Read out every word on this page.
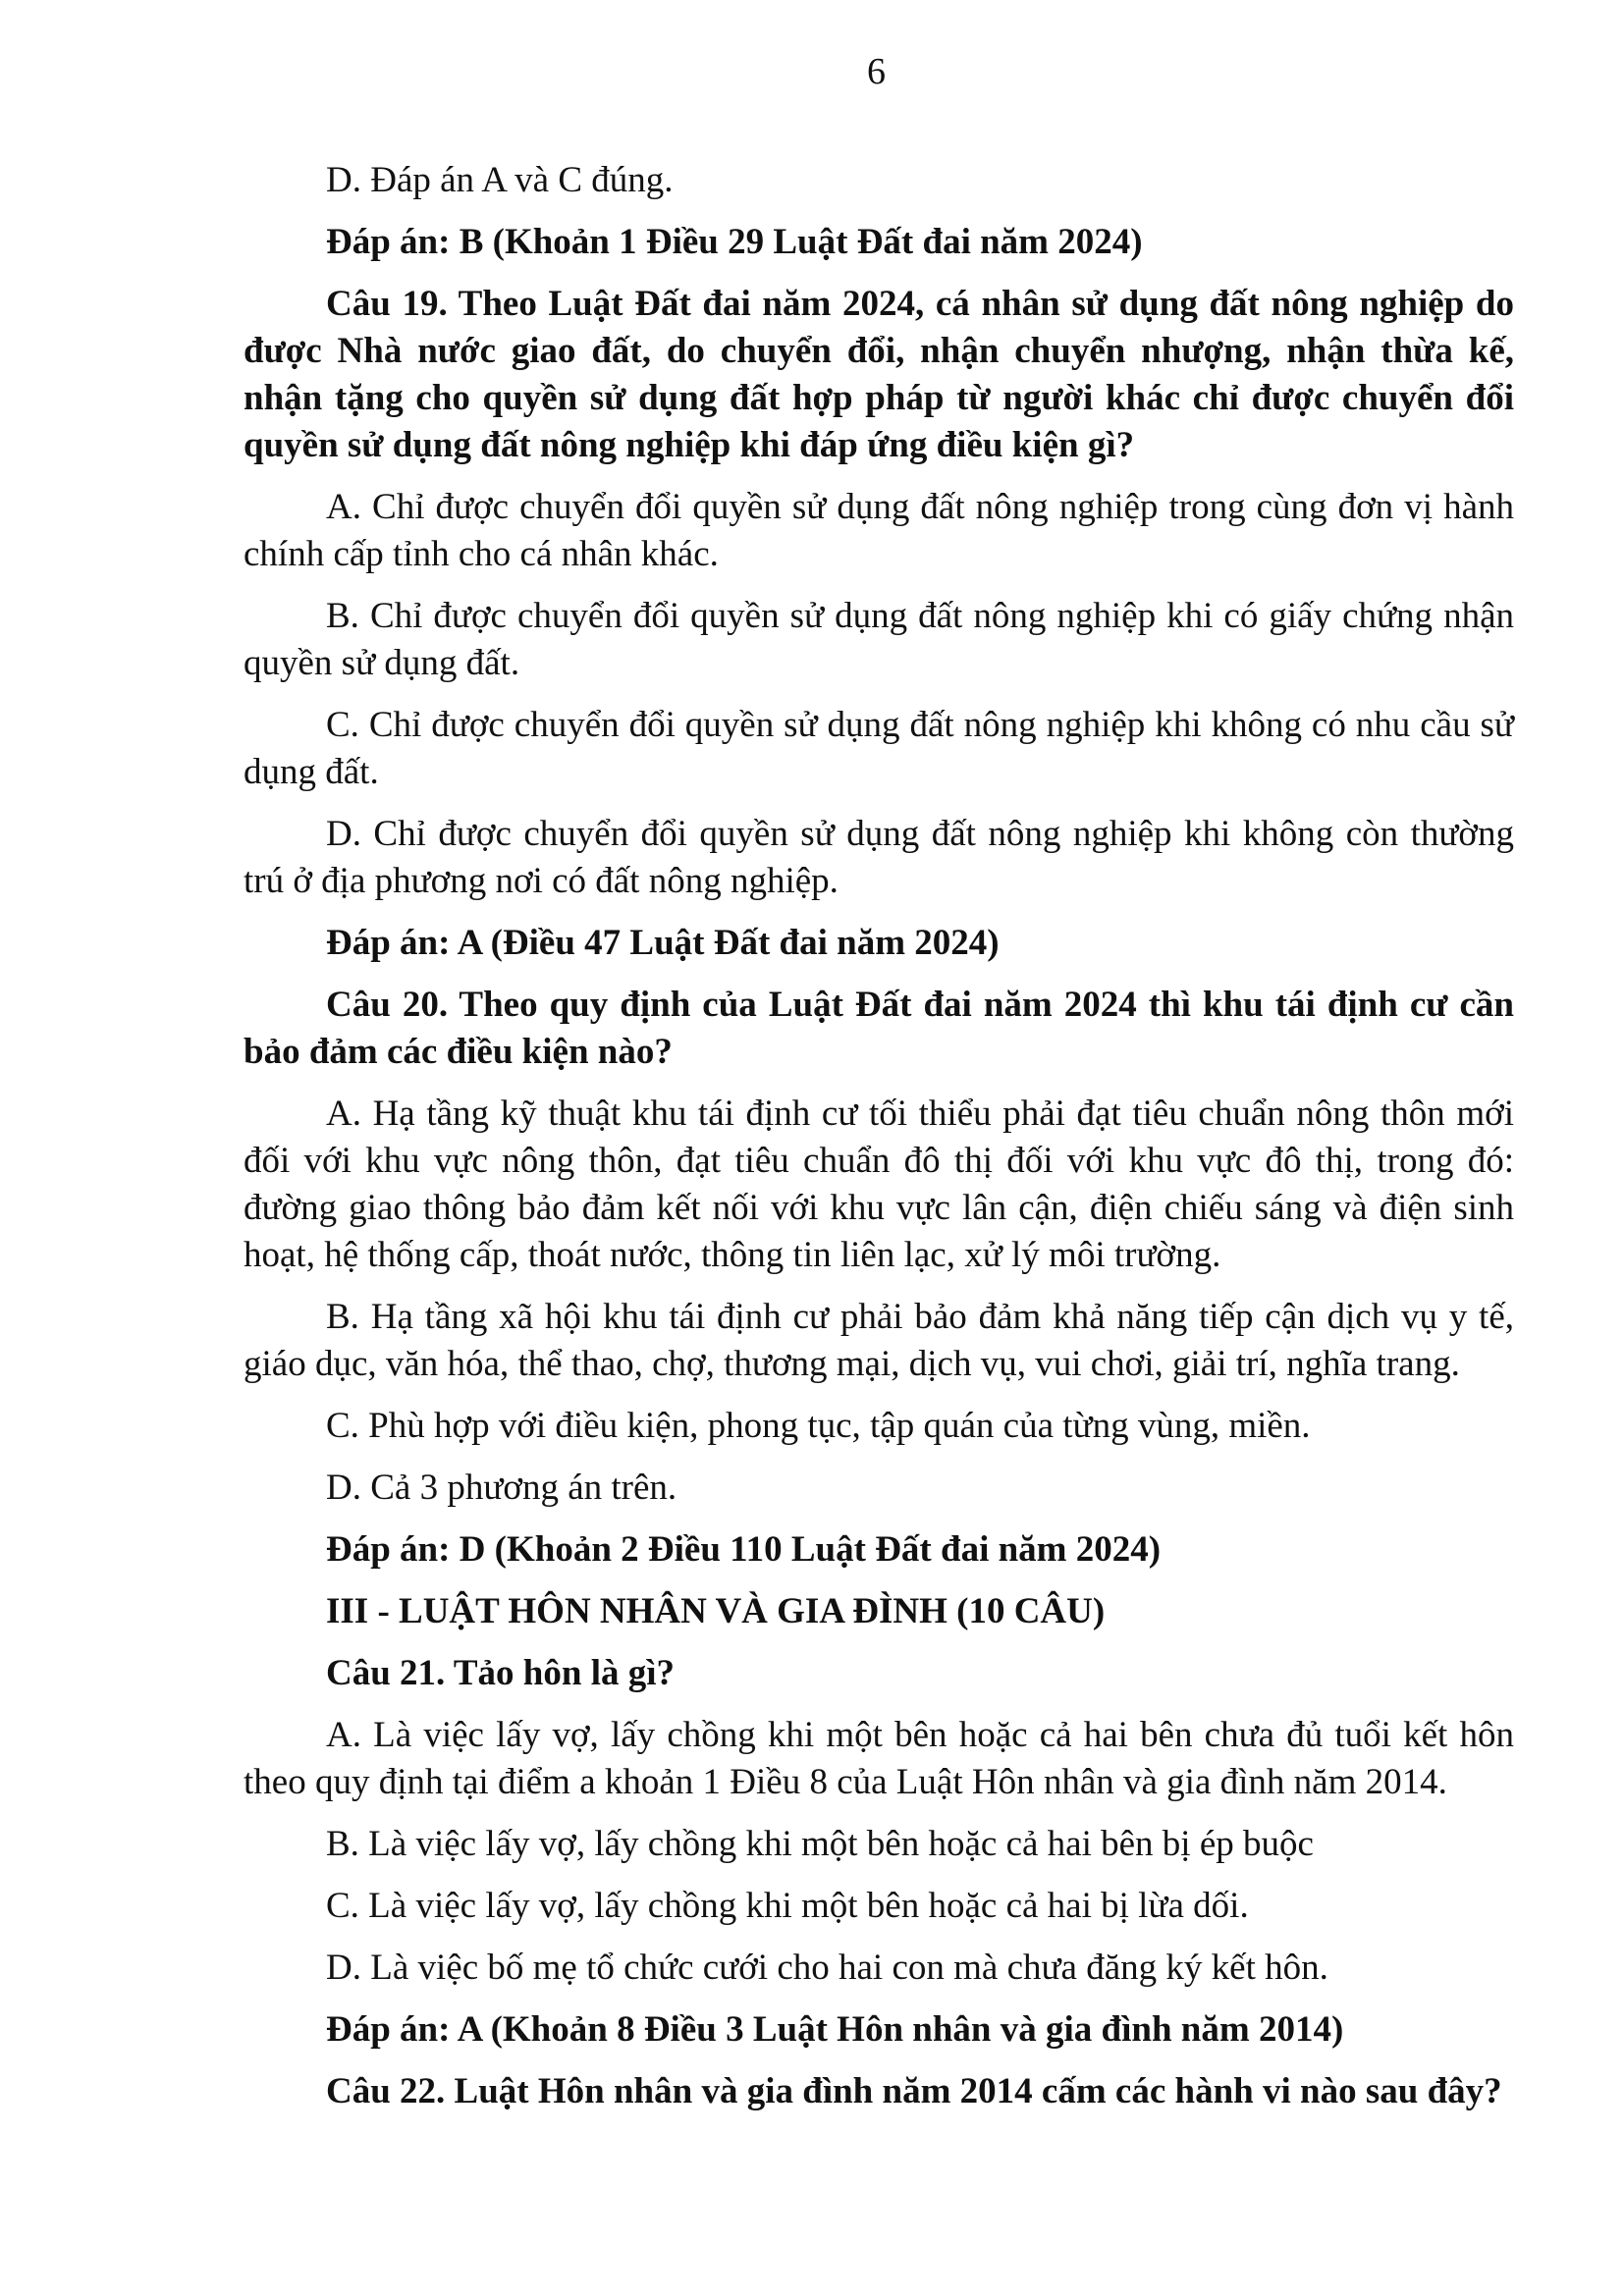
6

D. Đáp án A và C đúng.

Đáp án: B (Khoản 1 Điều 29 Luật Đất đai năm 2024)

Câu 19. Theo Luật Đất đai năm 2024, cá nhân sử dụng đất nông nghiệp do được Nhà nước giao đất, do chuyển đổi, nhận chuyển nhượng, nhận thừa kế, nhận tặng cho quyền sử dụng đất hợp pháp từ người khác chỉ được chuyển đổi quyền sử dụng đất nông nghiệp khi đáp ứng điều kiện gì?

A. Chỉ được chuyển đổi quyền sử dụng đất nông nghiệp trong cùng đơn vị hành chính cấp tỉnh cho cá nhân khác.

B. Chỉ được chuyển đổi quyền sử dụng đất nông nghiệp khi có giấy chứng nhận quyền sử dụng đất.

C. Chỉ được chuyển đổi quyền sử dụng đất nông nghiệp khi không có nhu cầu sử dụng đất.

D. Chỉ được chuyển đổi quyền sử dụng đất nông nghiệp khi không còn thường trú ở địa phương nơi có đất nông nghiệp.

Đáp án: A (Điều 47 Luật Đất đai năm 2024)

Câu 20. Theo quy định của Luật Đất đai năm 2024 thì khu tái định cư cần bảo đảm các điều kiện nào?

A. Hạ tầng kỹ thuật khu tái định cư tối thiểu phải đạt tiêu chuẩn nông thôn mới đối với khu vực nông thôn, đạt tiêu chuẩn đô thị đối với khu vực đô thị, trong đó: đường giao thông bảo đảm kết nối với khu vực lân cận, điện chiếu sáng và điện sinh hoạt, hệ thống cấp, thoát nước, thông tin liên lạc, xử lý môi trường.

B. Hạ tầng xã hội khu tái định cư phải bảo đảm khả năng tiếp cận dịch vụ y tế, giáo dục, văn hóa, thể thao, chợ, thương mại, dịch vụ, vui chơi, giải trí, nghĩa trang.

C. Phù hợp với điều kiện, phong tục, tập quán của từng vùng, miền.

D. Cả 3 phương án trên.

Đáp án: D (Khoản 2 Điều 110 Luật Đất đai năm 2024)

III - LUẬT HÔN NHÂN VÀ GIA ĐÌNH (10 CÂU)

Câu 21. Tảo hôn là gì?

A. Là việc lấy vợ, lấy chồng khi một bên hoặc cả hai bên chưa đủ tuổi kết hôn theo quy định tại điểm a khoản 1 Điều 8 của Luật Hôn nhân và gia đình năm 2014.

B. Là việc lấy vợ, lấy chồng khi một bên hoặc cả hai bên bị ép buộc

C. Là việc lấy vợ, lấy chồng khi một bên hoặc cả hai bị lừa dối.

D. Là việc bố mẹ tổ chức cưới cho hai con mà chưa đăng ký kết hôn.

Đáp án: A (Khoản 8 Điều 3 Luật Hôn nhân và gia đình năm 2014)

Câu 22. Luật Hôn nhân và gia đình năm 2014 cấm các hành vi nào sau đây?
